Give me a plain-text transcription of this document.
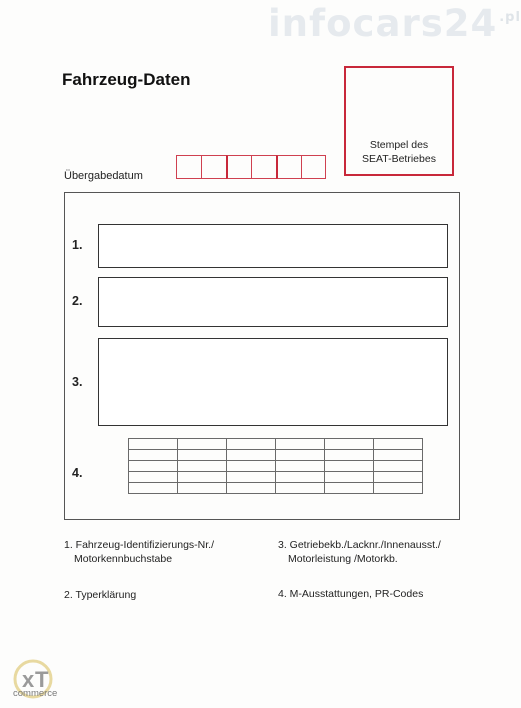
infocars24 $^{.pl}$
Fahrzeug-Daten
Stempel des
SEAT-Betriebes
Übergabedatum
1.
2.
3.
4.

1. Fahrzeug-Identifizierungs-Nr./
Motorkennbuchstabe
3. Getriebekb./Lacknr./Innenausst./
Motorleistung /Motorkb.
2. Typerklärung	4. M-Ausstattungen, PR-Codes
x T
commerce
